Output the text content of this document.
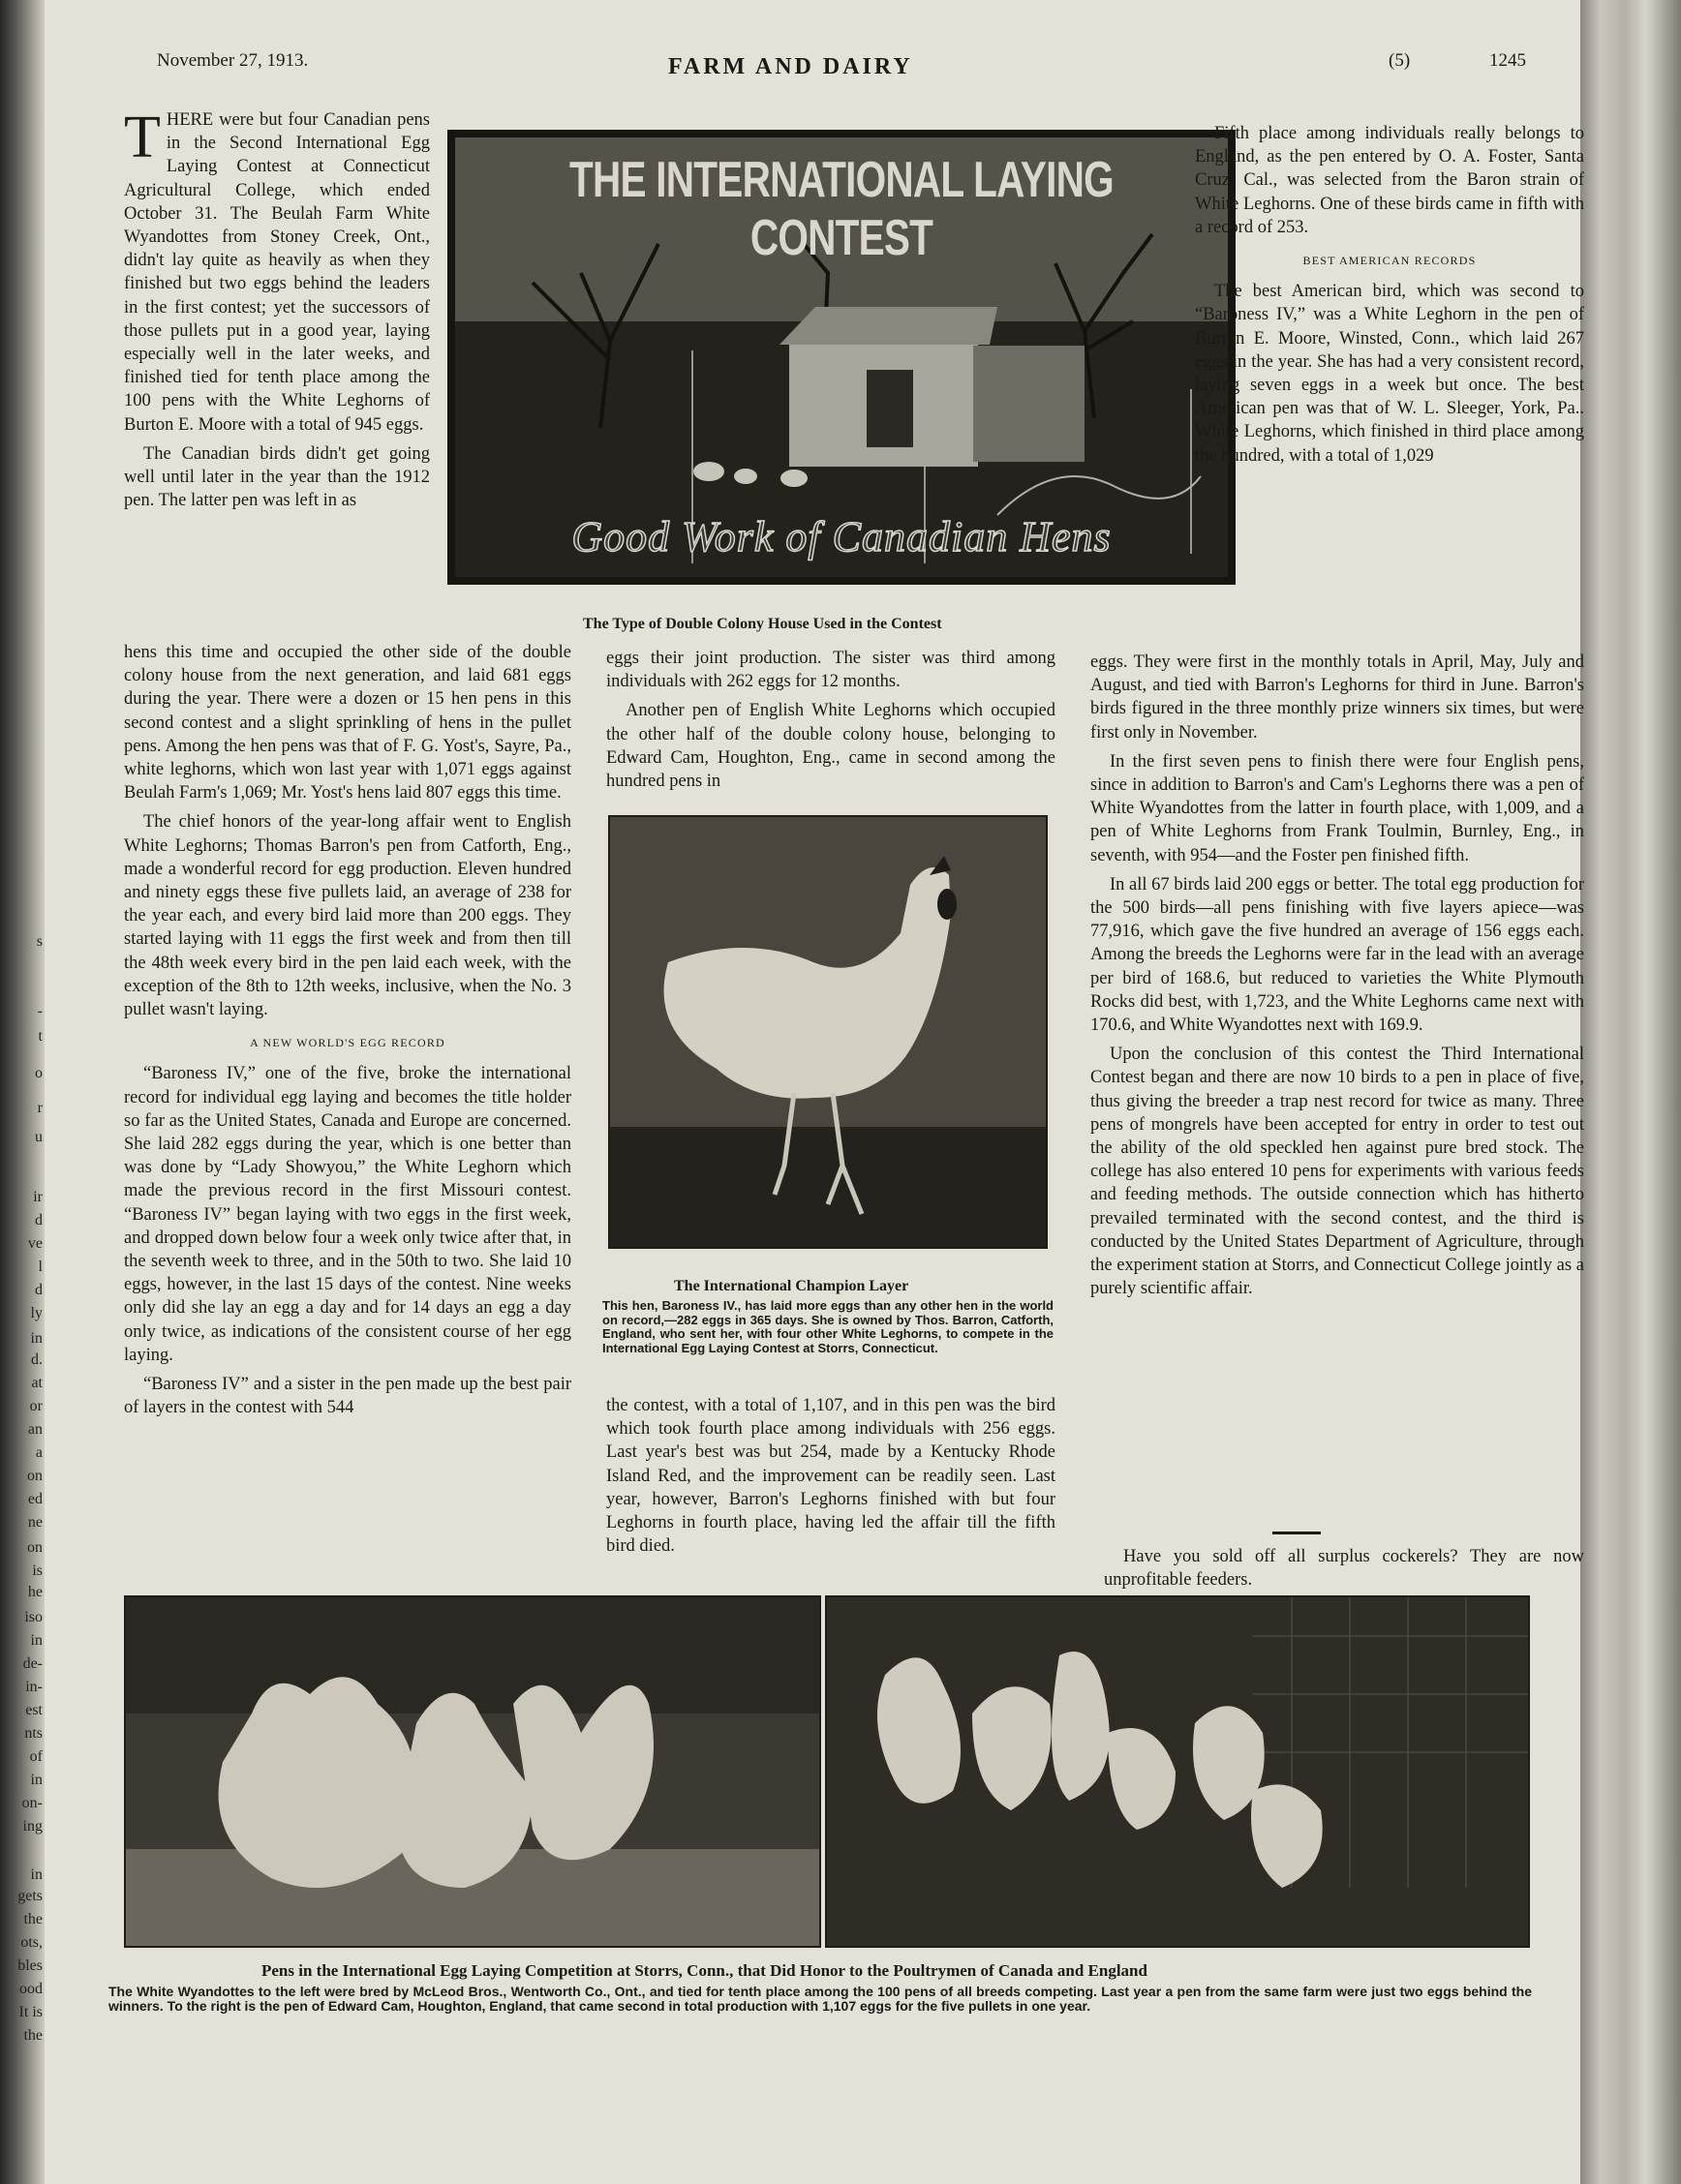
s
-
t
o
r
u
ir
d
ve
l
d
ly
in
d.
at
or
an
a
on
ed
ne
on
is
he
iso
in
de-
in-
est
nts
of
in
on-
ing
in
gets
the
ots,
bles
ood
It is
the
November 27, 1913.	FARM AND DAIRY	(5)	1245

THERE were but four Canadian pens in the Second International Egg Laying Contest at Connecticut Agricultural College, which ended October 31. The Beulah Farm White Wyandottes from Stoney Creek, Ont., didn't lay quite as heavily as when they finished but two eggs behind the leaders in the first contest; yet the successors of those pullets put in a good year, laying especially well in the later weeks, and finished tied for tenth place among the 100 pens with the White Leghorns of Burton E. Moore with a total of 945 eggs.

The Canadian birds didn't get going well until later in the year than the 1912 pen. The latter pen was left in as

hens this time and occupied the other side of the double colony house from the next generation, and laid 681 eggs during the year. There were a dozen or 15 hen pens in this second contest and a slight sprinkling of hens in the pullet pens. Among the hen pens was that of F. G. Yost's, Sayre, Pa., white leghorns, which won last year with 1,071 eggs against Beulah Farm's 1,069; Mr. Yost's hens laid 807 eggs this time.

The chief honors of the year-long affair went to English White Leghorns; Thomas Barron's pen from Catforth, Eng., made a wonderful record for egg production. Eleven hundred and ninety eggs these five pullets laid, an average of 238 for the year each, and every bird laid more than 200 eggs. They started laying with 11 eggs the first week and from then till the 48th week every bird in the pen laid each week, with the exception of the 8th to 12th weeks, inclusive, when the No. 3 pullet wasn't laying.

A NEW WORLD'S EGG RECORD

“Baroness IV,” one of the five, broke the international record for individual egg laying and becomes the title holder so far as the United States, Canada and Europe are concerned. She laid 282 eggs during the year, which is one better than was done by “Lady Showyou,” the White Leghorn which made the previous record in the first Missouri contest. “Baroness IV” began laying with two eggs in the first week, and dropped down below four a week only twice after that, in the seventh week to three, and in the 50th to two. She laid 10 eggs, however, in the last 15 days of the contest. Nine weeks only did she lay an egg a day and for 14 days an egg a day only twice, as indications of the consistent course of her egg laying.

“Baroness IV” and a sister in the pen made up the best pair of layers in the contest with 544

THE INTERNATIONAL LAYING CONTEST
Good Work of Canadian Hens
The Type of Double Colony House Used in the Contest

eggs their joint production. The sister was third among individuals with 262 eggs for 12 months.

Another pen of English White Leghorns which occupied the other half of the double colony house, belonging to Edward Cam, Houghton, Eng., came in second among the hundred pens in

The International Champion Layer
This hen, Baroness IV., has laid more eggs than any other hen in the world on record,—282 eggs in 365 days. She is owned by Thos. Barron, Catforth, England, who sent her, with four other White Leghorns, to compete in the International Egg Laying Contest at Storrs, Connecticut.

the contest, with a total of 1,107, and in this pen was the bird which took fourth place among individuals with 256 eggs. Last year's best was but 254, made by a Kentucky Rhode Island Red, and the improvement can be readily seen. Last year, however, Barron's Leghorns finished with but four Leghorns in fourth place, having led the affair till the fifth bird died.

Fifth place among individuals really belongs to England, as the pen entered by O. A. Foster, Santa Cruz, Cal., was selected from the Baron strain of White Leghorns. One of these birds came in fifth with a record of 253.

BEST AMERICAN RECORDS

The best American bird, which was second to “Baroness IV,” was a White Leghorn in the pen of Burton E. Moore, Winsted, Conn., which laid 267 eggs in the year. She has had a very consistent record, laying seven eggs in a week but once. The best American pen was that of W. L. Sleeger, York, Pa.. White Leghorns, which finished in third place among the hundred, with a total of 1,029

eggs. They were first in the monthly totals in April, May, July and August, and tied with Barron's Leghorns for third in June. Barron's birds figured in the three monthly prize winners six times, but were first only in November.

In the first seven pens to finish there were four English pens, since in addition to Barron's and Cam's Leghorns there was a pen of White Wyandottes from the latter in fourth place, with 1,009, and a pen of White Leghorns from Frank Toulmin, Burnley, Eng., in seventh, with 954—and the Foster pen finished fifth.

In all 67 birds laid 200 eggs or better. The total egg production for the 500 birds—all pens finishing with five layers apiece—was 77,916, which gave the five hundred an average of 156 eggs each. Among the breeds the Leghorns were far in the lead with an average per bird of 168.6, but reduced to varieties the White Plymouth Rocks did best, with 1,723, and the White Leghorns came next with 170.6, and White Wyandottes next with 169.9.

Upon the conclusion of this contest the Third International Contest began and there are now 10 birds to a pen in place of five, thus giving the breeder a trap nest record for twice as many. Three pens of mongrels have been accepted for entry in order to test out the ability of the old speckled hen against pure bred stock. The college has also entered 10 pens for experiments with various feeds and feeding methods. The outside connection which has hitherto prevailed terminated with the second contest, and the third is conducted by the United States Department of Agriculture, through the experiment station at Storrs, and Connecticut College jointly as a purely scientific affair.

Have you sold off all surplus cockerels? They are now unprofitable feeders.
Pens in the International Egg Laying Competition at Storrs, Conn., that Did Honor to the Poultrymen of Canada and England
The White Wyandottes to the left were bred by McLeod Bros., Wentworth Co., Ont., and tied for tenth place among the 100 pens of all breeds competing. Last year a pen from the same farm were just two eggs behind the winners. To the right is the pen of Edward Cam, Houghton, England, that came second in total production with 1,107 eggs for the five pullets in one year.
